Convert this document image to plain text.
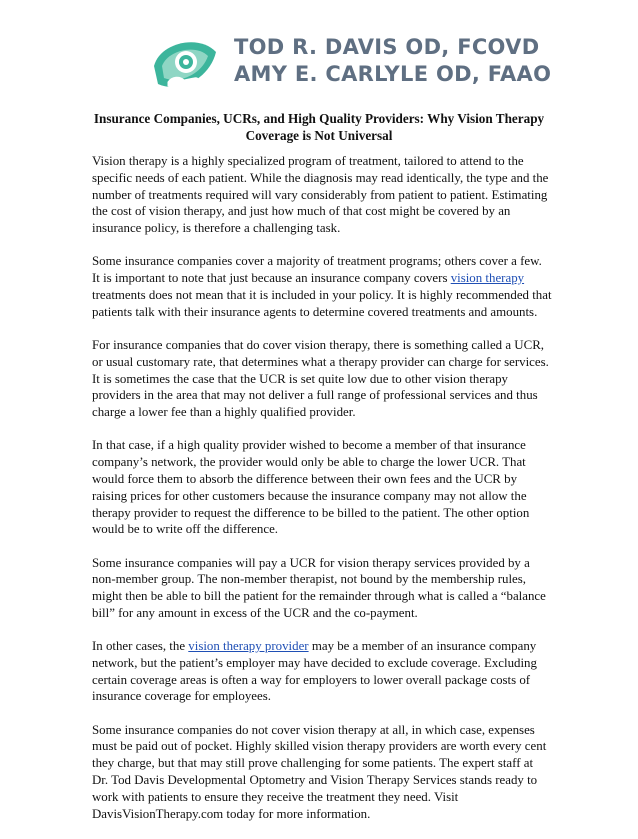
TOD R. DAVIS OD, FCOVD
AMY E. CARLYLE OD, FAAO
Insurance Companies, UCRs, and High Quality Providers: Why Vision Therapy Coverage is Not Universal

Vision therapy is a highly specialized program of treatment, tailored to attend to the specific needs of each patient. While the diagnosis may read identically, the type and the number of treatments required will vary considerably from patient to patient. Estimating the cost of vision therapy, and just how much of that cost might be covered by an insurance policy, is therefore a challenging task.

Some insurance companies cover a majority of treatment programs; others cover a few. It is important to note that just because an insurance company covers vision therapy treatments does not mean that it is included in your policy. It is highly recommended that patients talk with their insurance agents to determine covered treatments and amounts.

For insurance companies that do cover vision therapy, there is something called a UCR, or usual customary rate, that determines what a therapy provider can charge for services. It is sometimes the case that the UCR is set quite low due to other vision therapy providers in the area that may not deliver a full range of professional services and thus charge a lower fee than a highly qualified provider.

In that case, if a high quality provider wished to become a member of that insurance company’s network, the provider would only be able to charge the lower UCR. That would force them to absorb the difference between their own fees and the UCR by raising prices for other customers because the insurance company may not allow the therapy provider to request the difference to be billed to the patient. The other option would be to write off the difference.

Some insurance companies will pay a UCR for vision therapy services provided by a non-member group. The non-member therapist, not bound by the membership rules, might then be able to bill the patient for the remainder through what is called a “balance bill” for any amount in excess of the UCR and the co-payment.

In other cases, the vision therapy provider may be a member of an insurance company network, but the patient’s employer may have decided to exclude coverage. Excluding certain coverage areas is often a way for employers to lower overall package costs of insurance coverage for employees.

Some insurance companies do not cover vision therapy at all, in which case, expenses must be paid out of pocket. Highly skilled vision therapy providers are worth every cent they charge, but that may still prove challenging for some patients. The expert staff at Dr. Tod Davis Developmental Optometry and Vision Therapy Services stands ready to work with patients to ensure they receive the treatment they need. Visit DavisVisionTherapy.com today for more information.
